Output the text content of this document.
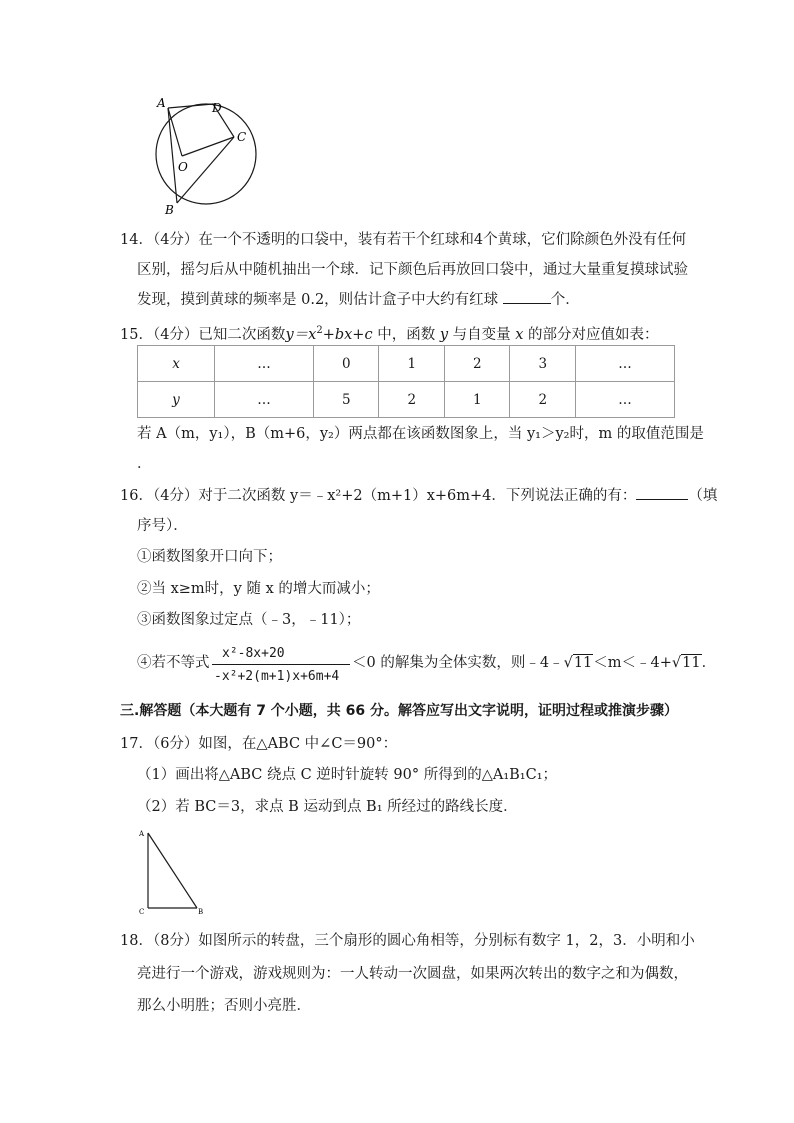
A	D
C
O
B
14．（4分）在一个不透明的口袋中，装有若干个红球和4个黄球，它们除颜色外没有任何
区别，摇匀后从中随机抽出一个球．记下颜色后再放回口袋中，通过大量重复摸球试验
发现，摸到黄球的频率是 0.2，则估计盒子中大约有红球	个．
15．（4分）已知二次函数$y=x^2+bx+c$ 中，函数 y 与自变量 x 的部分对应值如表：
x	…	0	1	2	3	…
y	…	5	2	1	2	…
若 A（m，y₁），B（m+6，y₂）两点都在该函数图象上，当 y₁＞y₂时，m 的取值范围是
．
16．（4分）对于二次函数 y＝﹣x²+2（m+1）x+6m+4．下列说法正确的有：	（填
序号）．
①函数图象开口向下；
②当 x≥m时，y 随 x 的增大而减小；
③函数图象过定点（﹣3，﹣11）；
④若不等式
x²-8x+20
-x²+2(m+1)x+6m+4
＜0 的解集为全体实数，则﹣4﹣√11＜m＜﹣4+√11．
三.解答题（本大题有 7 个小题，共 66 分。解答应写出文字说明，证明过程或推演步骤）
17．（6分）如图，在△ABC 中∠C＝90°：
（1）画出将△ABC 绕点 C 逆时针旋转 90° 所得到的△A₁B₁C₁；
（2）若 BC＝3，求点 B 运动到点 B₁ 所经过的路线长度．
A
C	B
18．（8分）如图所示的转盘，三个扇形的圆心角相等，分别标有数字 1，2，3．小明和小
亮进行一个游戏，游戏规则为：一人转动一次圆盘，如果两次转出的数字之和为偶数，
那么小明胜；否则小亮胜．
